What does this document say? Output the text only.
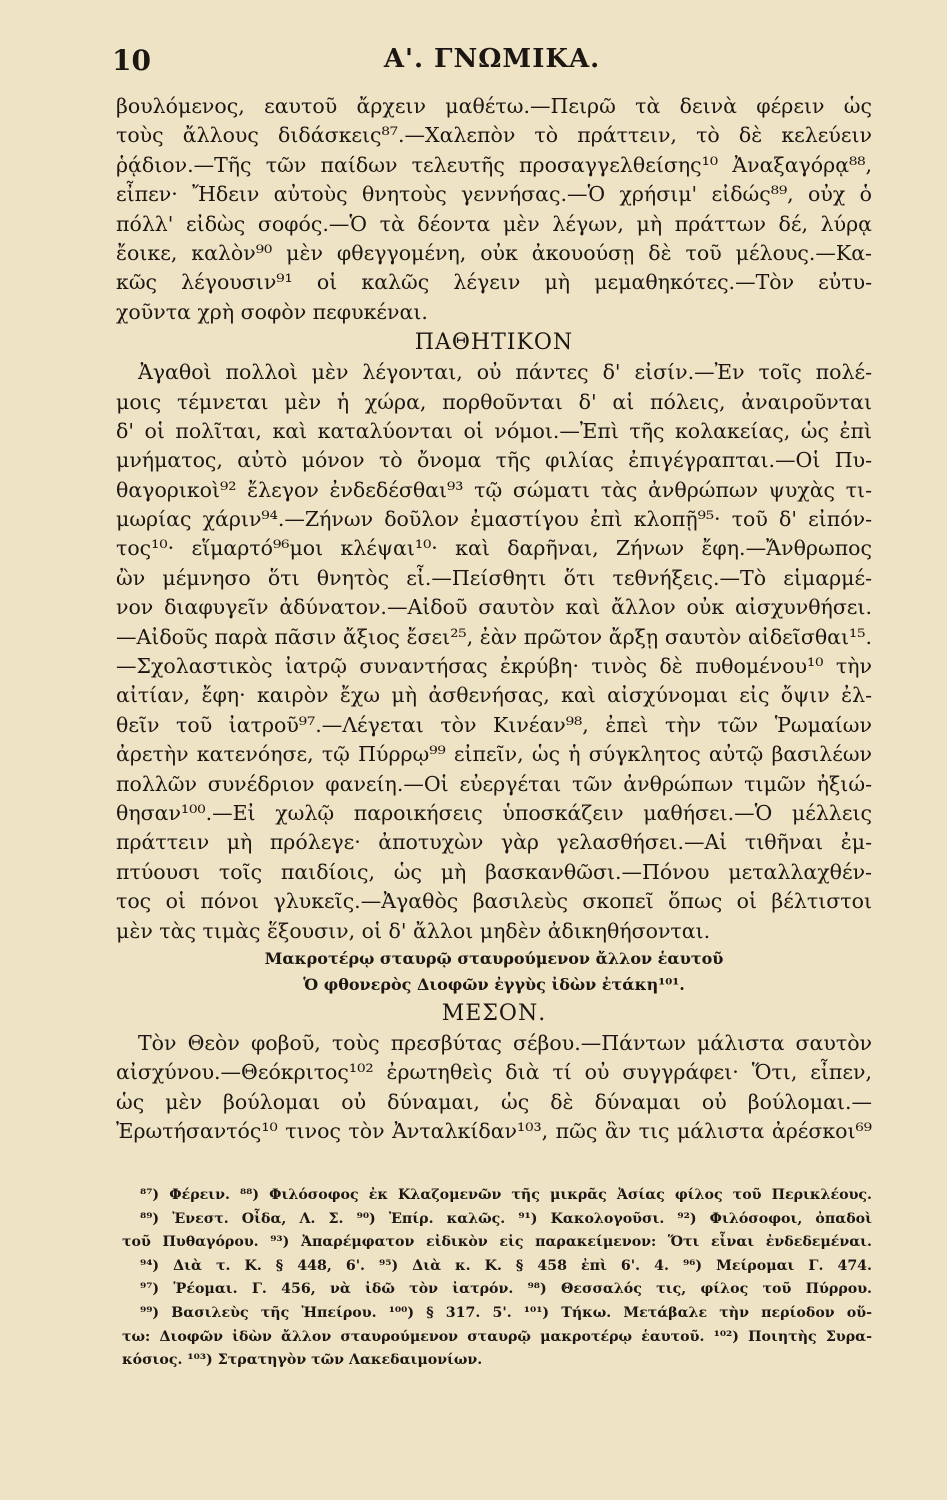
10	Α'. ΓΝΩΜΙΚΑ.
βουλόμενος, εαυτοῦ ἄρχειν μαθέτω.—Πειρῶ τὰ δεινὰ φέρειν ὡς
τοὺς ἄλλους διδάσκεις⁸⁷.—Χαλεπὸν τὸ πράττειν, τὸ δὲ κελεύειν
ῥᾴδιον.—Τῆς τῶν παίδων τελευτῆς προσαγγελθείσης¹⁰ Ἀναξαγόρᾳ⁸⁸,
εἶπεν· Ἤδειν αὐτοὺς θνητοὺς γεννήσας.—Ὁ χρήσιμ' εἰδώς⁸⁹, οὐχ ὁ
πόλλ' εἰδὼς σοφός.—Ὁ τὰ δέοντα μὲν λέγων, μὴ πράττων δέ, λύρᾳ
ἔοικε, καλὸν⁹⁰ μὲν φθεγγομένη, οὐκ ἀκουούσῃ δὲ τοῦ μέλους.—Κα-
κῶς λέγουσιν⁹¹ οἱ καλῶς λέγειν μὴ μεμαθηκότες.—Τὸν εὐτυ-
χοῦντα χρὴ σοφὸν πεφυκέναι.
ΠΑΘΗΤΙΚΟΝ
Ἀγαθοὶ πολλοὶ μὲν λέγονται, οὐ πάντες δ' εἰσίν.—Ἐν τοῖς πολέ-
μοις τέμνεται μὲν ἡ χώρα, πορθοῦνται δ' αἱ πόλεις, ἀναιροῦνται
δ' οἱ πολῖται, καὶ καταλύονται οἱ νόμοι.—Ἐπὶ τῆς κολακείας, ὡς ἐπὶ
μνήματος, αὐτὸ μόνον τὸ ὄνομα τῆς φιλίας ἐπιγέγραπται.—Οἱ Πυ-
θαγορικοὶ⁹² ἔλεγον ἐνδεδέσθαι⁹³ τῷ σώματι τὰς ἀνθρώπων ψυχὰς τι-
μωρίας χάριν⁹⁴.—Ζήνων δοῦλον ἐμαστίγου ἐπὶ κλοπῇ⁹⁵· τοῦ δ' εἰπόν-
τος¹⁰· εἵμαρτό⁹⁶μοι κλέψαι¹⁰· καὶ δαρῆναι, Ζήνων ἔφη.—Ἄνθρωπος
ὢν μέμνησο ὅτι θνητὸς εἶ.—Πείσθητι ὅτι τεθνήξεις.—Τὸ εἱμαρμέ-
νον διαφυγεῖν ἀδύνατον.—Αἰδοῦ σαυτὸν καὶ ἄλλον οὐκ αἰσχυνθήσει.
—Αἰδοῦς παρὰ πᾶσιν ἄξιος ἔσει²⁵, ἐὰν πρῶτον ἄρξῃ σαυτὸν αἰδεῖσθαι¹⁵.
—Σχολαστικὸς ἰατρῷ συναντήσας ἐκρύβη· τινὸς δὲ πυθομένου¹⁰ τὴν
αἰτίαν, ἔφη· καιρὸν ἔχω μὴ ἀσθενήσας, καὶ αἰσχύνομαι εἰς ὄψιν ἐλ-
θεῖν τοῦ ἰατροῦ⁹⁷.—Λέγεται τὸν Κινέαν⁹⁸, ἐπεὶ τὴν τῶν Ῥωμαίων
ἀρετὴν κατενόησε, τῷ Πύρρῳ⁹⁹ εἰπεῖν, ὡς ἡ σύγκλητος αὐτῷ βασιλέων
πολλῶν συνέδριον φανείη.—Οἱ εὐεργέται τῶν ἀνθρώπων τιμῶν ἠξιώ-
θησαν¹⁰⁰.—Εἰ χωλῷ παροικήσεις ὑποσκάζειν μαθήσει.—Ὁ μέλλεις
πράττειν μὴ πρόλεγε· ἀποτυχὼν γὰρ γελασθήσει.—Αἱ τιθῆναι ἐμ-
πτύουσι τοῖς παιδίοις, ὡς μὴ βασκανθῶσι.—Πόνου μεταλλαχθέν-
τος οἱ πόνοι γλυκεῖς.—Ἀγαθὸς βασιλεὺς σκοπεῖ ὅπως οἱ βέλτιστοι
μὲν τὰς τιμὰς ἕξουσιν, οἱ δ' ἄλλοι μηδὲν ἀδικηθήσονται.
Μακροτέρῳ σταυρῷ σταυρούμενον ἄλλον ἑαυτοῦ
Ὁ φθονερὸς Διοφῶν ἐγγὺς ἰδὼν ἐτάκη¹⁰¹.
ΜΕΣΟΝ.
Τὸν Θεὸν φοβοῦ, τοὺς πρεσβύτας σέβου.—Πάντων μάλιστα σαυτὸν
αἰσχύνου.—Θεόκριτος¹⁰² ἐρωτηθεὶς διὰ τί οὐ συγγράφει· Ὅτι, εἶπεν,
ὡς μὲν βούλομαι οὐ δύναμαι, ὡς δὲ δύναμαι οὐ βούλομαι.—
Ἐρωτήσαντός¹⁰ τινος τὸν Ἀνταλκίδαν¹⁰³, πῶς ἂν τις μάλιστα ἀρέσκοι⁶⁹
⁸⁷) Φέρειν. ⁸⁸) Φιλόσοφος ἐκ Κλαζομενῶν τῆς μικρᾶς Ἀσίας φίλος τοῦ Περικλέους.
⁸⁹) Ἐνεστ. Οἶδα, Λ. Σ. ⁹⁰) Ἐπίρ. καλῶς. ⁹¹) Κακολογοῦσι. ⁹²) Φιλόσοφοι, ὀπαδοὶ
τοῦ Πυθαγόρου. ⁹³) Ἀπαρέμφατον εἰδικὸν εἰς παρακείμενον: Ὅτι εἶναι ἐνδεδεμέναι.
⁹⁴) Διὰ τ. Κ. § 448, 6'. ⁹⁵) Διὰ κ. Κ. § 458 ἐπὶ 6'. 4. ⁹⁶) Μείρομαι Γ. 474.
⁹⁷) Ῥέομαι. Γ. 456, νὰ ἰδῶ τὸν ἰατρόν. ⁹⁸) Θεσσαλός τις, φίλος τοῦ Πύρρου.
⁹⁹) Βασιλεὺς τῆς Ἠπείρου. ¹⁰⁰) § 317. 5'. ¹⁰¹) Τήκω. Μετάβαλε τὴν περίοδον οὕ-
τω: Διοφῶν ἰδὼν ἄλλον σταυρούμενον σταυρῷ μακροτέρῳ ἑαυτοῦ. ¹⁰²) Ποιητὴς Συρα-
κόσιος. ¹⁰³) Στρατηγὸν τῶν Λακεδαιμονίων.
